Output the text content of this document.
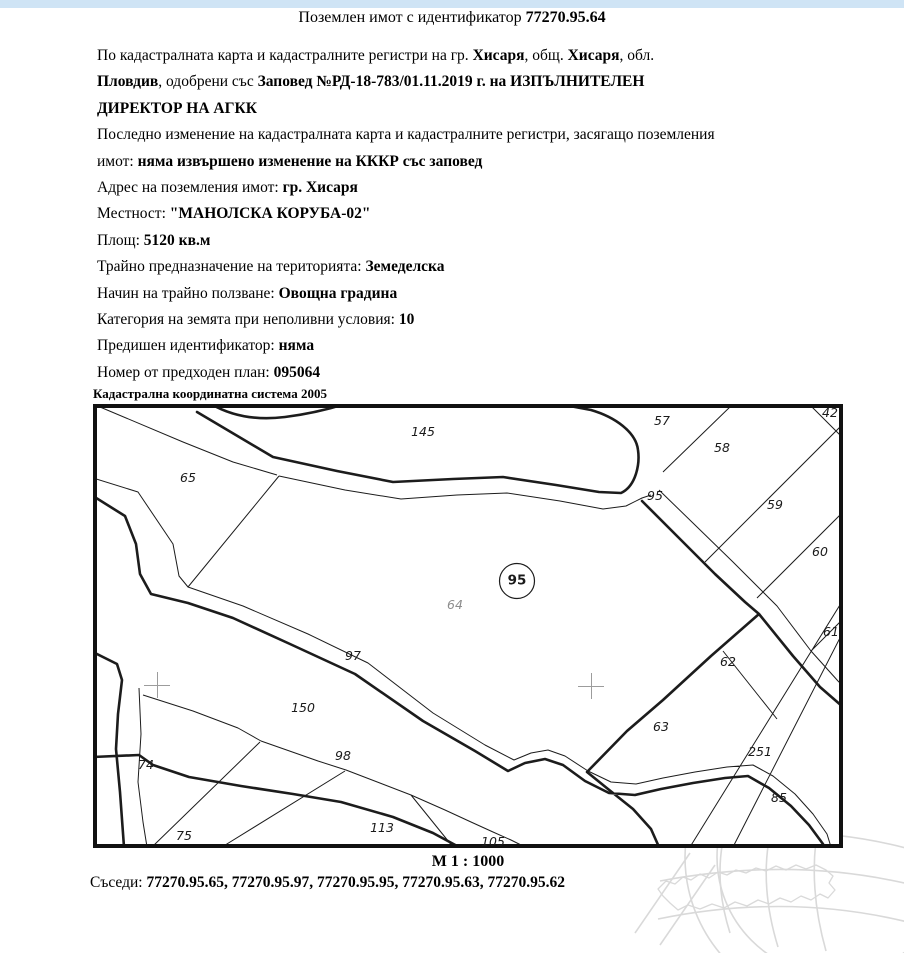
Поземлен имот с идентификатор 77270.95.64
По кадастралната карта и кадастралните регистри на гр. Хисаря, общ. Хисаря, обл.
Пловдив, одобрени със Заповед №РД-18-783/01.11.2019 г. на ИЗПЪЛНИТЕЛЕН
ДИРЕКТОР НА АГКК
Последно изменение на кадастралната карта и кадастралните регистри, засягащо поземления
имот: няма извършено изменение на КККР със заповед
Адрес на поземления имот: гр. Хисаря
Местност: "МАНОЛСКА КОРУБА-02"
Площ: 5120 кв.м
Трайно предназначение на територията: Земеделска
Начин на трайно ползване: Овощна градина
Категория на земята при неполивни условия: 10
Предишен идентификатор: няма
Номер от предходен план: 095064
Кадастрална координатна система 2005
145
65
57
42
58
95
59
60
61
62
63
251
85
95
64
97
150
98
74
75
113
105
М 1 : 1000
Съседи: 77270.95.65, 77270.95.97, 77270.95.95, 77270.95.63, 77270.95.62
